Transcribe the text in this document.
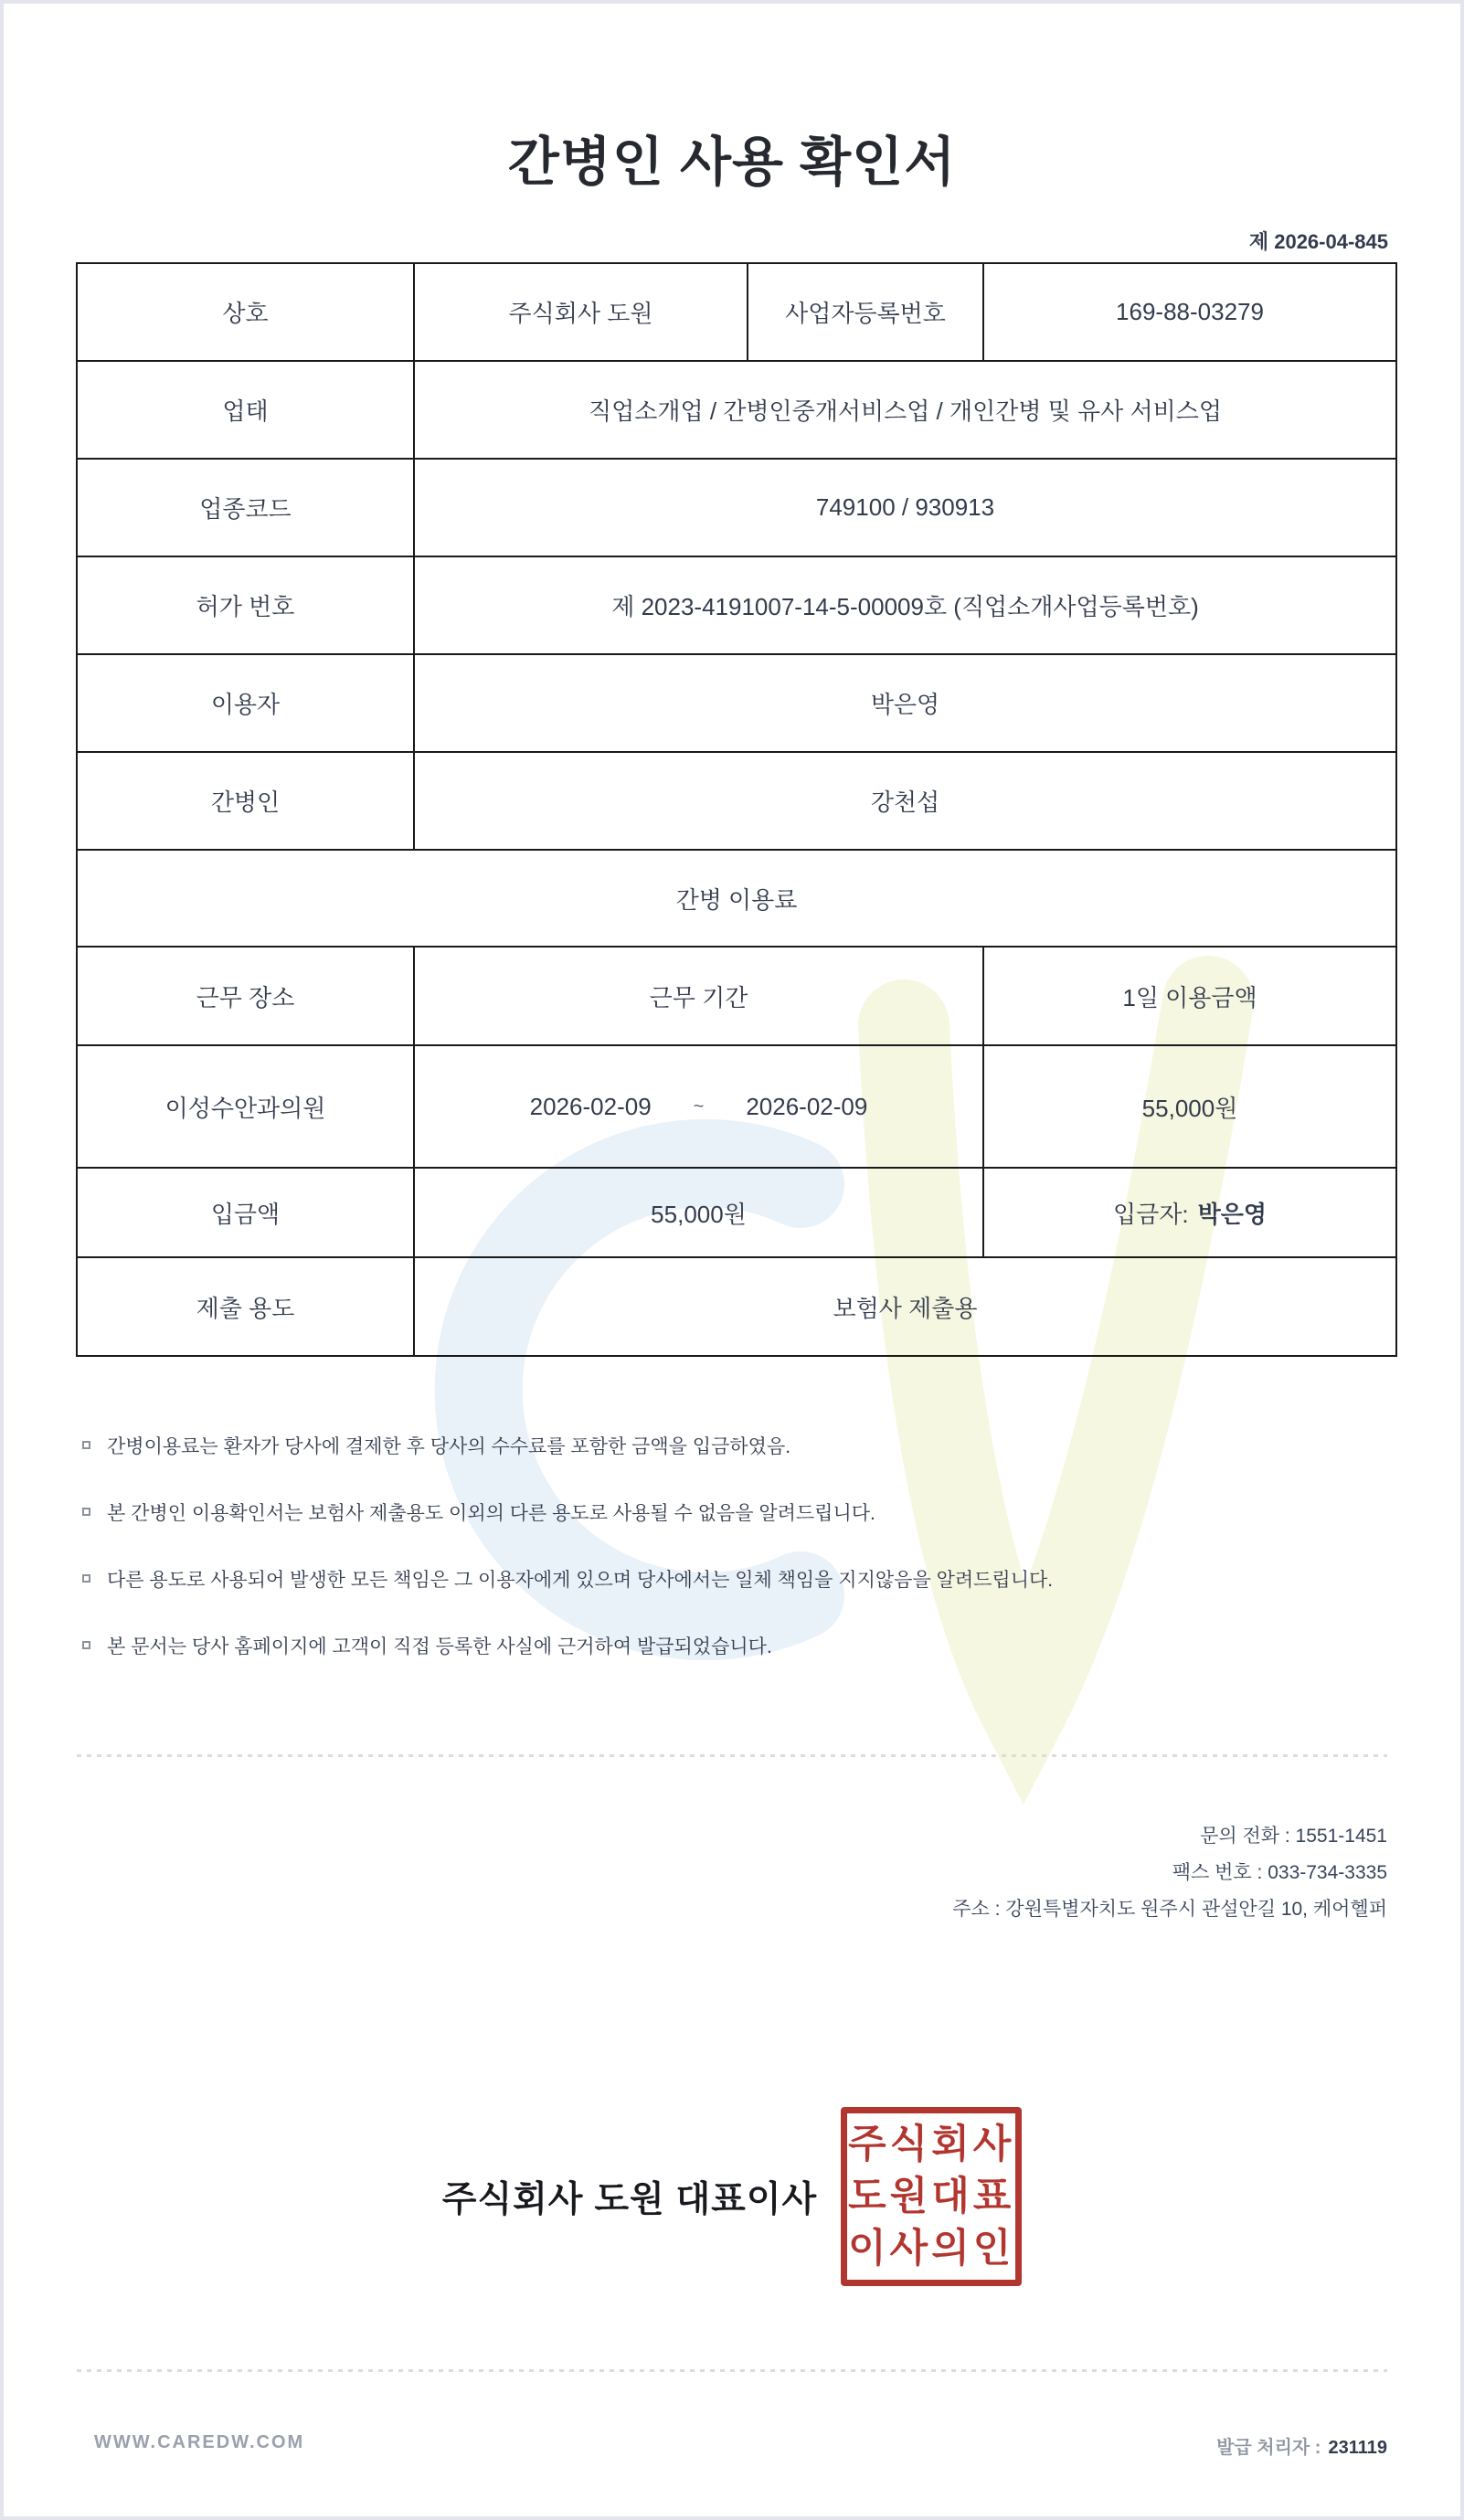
간병인 사용 확인서
제 2026-04-845
상호	주식회사 도원	사업자등록번호	169-88-03279
업태	직업소개업 / 간병인중개서비스업 / 개인간병 및 유사 서비스업		
업종코드	749100 / 930913		
허가 번호	제 2023-4191007-14-5-00009호 (직업소개사업등록번호)		
이용자	박은영		
간병인	강천섭		
간병 이용료			
근무 장소	근무 기간		1일 이용금액
이성수안과의원	2026-02-09 ~ 2026-02-09		55,000원
입금액	55,000원		입금자: 박은영
제출 용도	보험사 제출용		
간병이용료는 환자가 당사에 결제한 후 당사의 수수료를 포함한 금액을 입금하였음.
본 간병인 이용확인서는 보험사 제출용도 이외의 다른 용도로 사용될 수 없음을 알려드립니다.
다른 용도로 사용되어 발생한 모든 책임은 그 이용자에게 있으며 당사에서는 일체 책임을 지지않음을 알려드립니다.
본 문서는 당사 홈페이지에 고객이 직접 등록한 사실에 근거하여 발급되었습니다.
문의 전화 : 1551-1451
팩스 번호 : 033-734-3335
주소 : 강원특별자치도 원주시 관설안길 10, 케어헬퍼
주식회사 도원 대표이사
주식회사
도원대표
이사의인
WWW.CAREDW.COM	발급 처리자 : 231119
